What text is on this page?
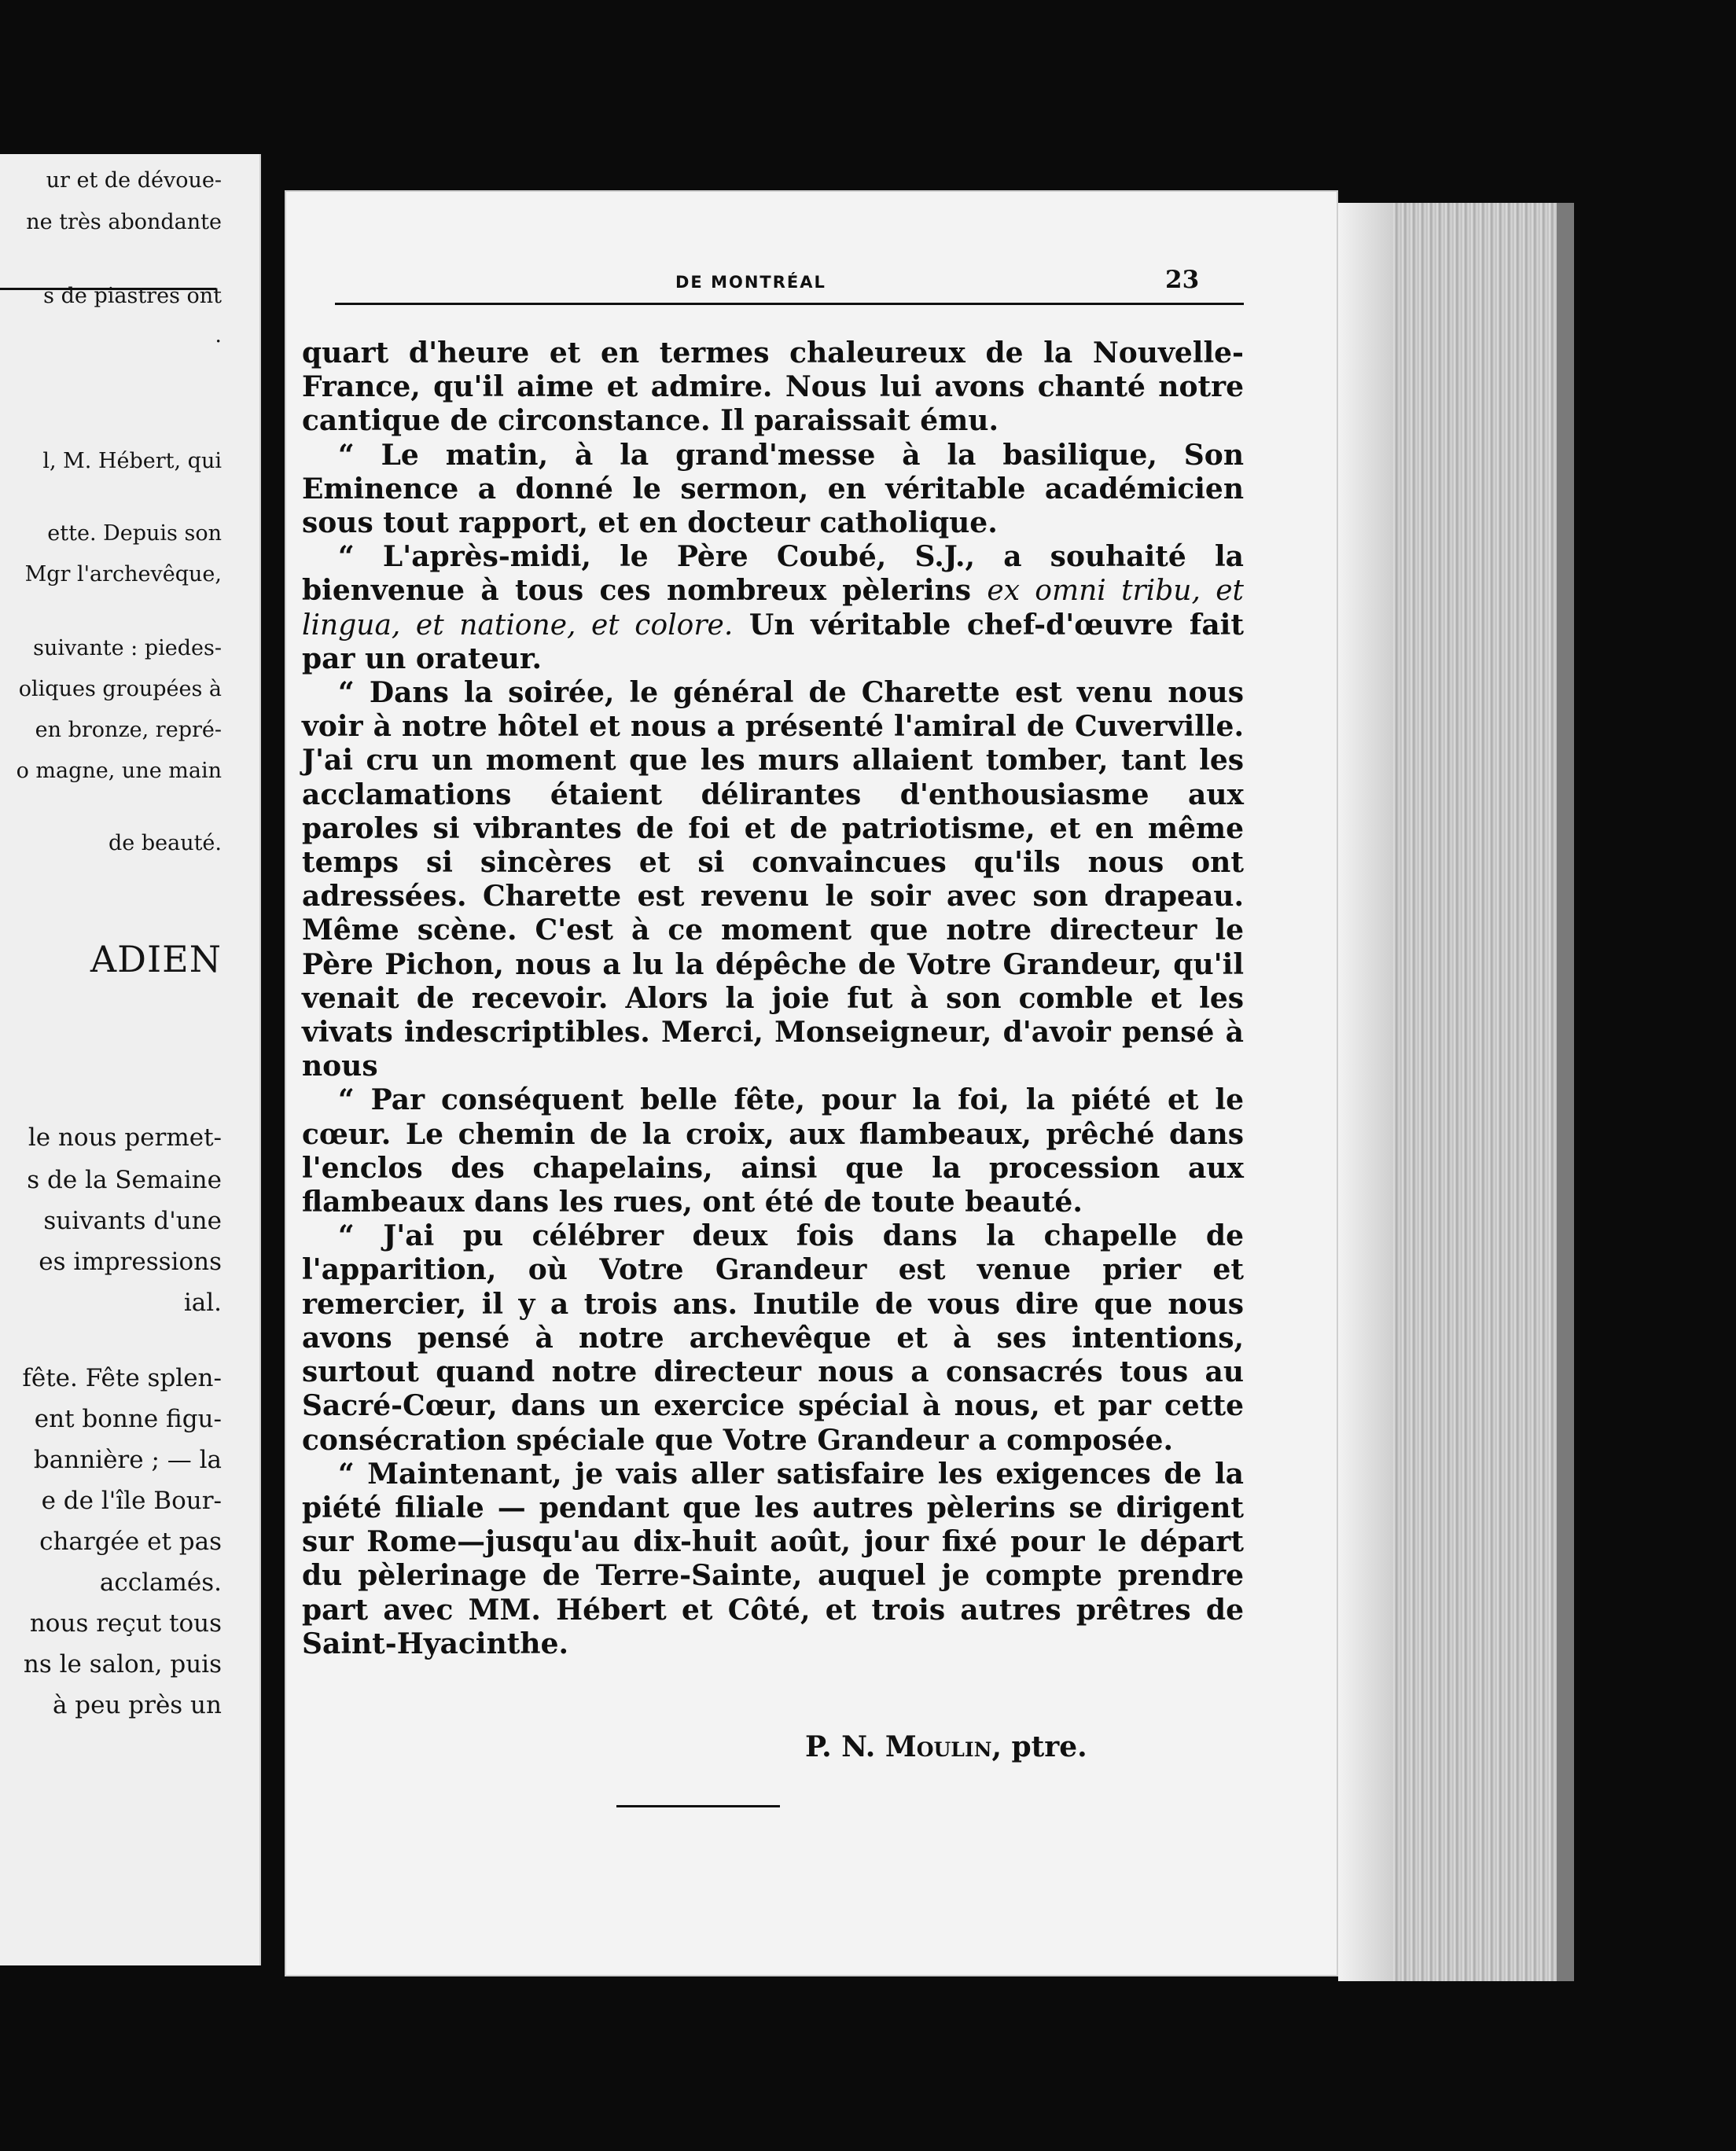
ur et de dévoue-
ne très abondante
s de piastres ont
.
l, M. Hébert, qui
ette. Depuis son
Mgr l'archevêque,
suivante : piedes-
oliques groupées à
en bronze, repré-
o magne, une main
de beauté.
ADIEN
le nous permet-
s de la Semaine
suivants d'une
es impressions
ial.
fête. Fête splen-
ent bonne figu-
bannière ; — la
e de l'île Bour-
chargée et pas
acclamés.
nous reçut tous
ns le salon, puis
à peu près un
DE MONTRÉAL	23

quart d'heure et en termes chaleureux de la Nouvelle-France, qu'il aime et admire. Nous lui avons chanté notre cantique de circonstance. Il paraissait ému.

“ Le matin, à la grand'messe à la basilique, Son Eminence a donné le sermon, en véritable académicien sous tout rapport, et en docteur catholique.

“ L'après-midi, le Père Coubé, S.J., a souhaité la bienvenue à tous ces nombreux pèlerins ex omni tribu, et lingua, et natione, et colore. Un véritable chef-d'œuvre fait par un orateur.

“ Dans la soirée, le général de Charette est venu nous voir à notre hôtel et nous a présenté l'amiral de Cuverville. J'ai cru un moment que les murs allaient tomber, tant les acclamations étaient délirantes d'enthousiasme aux paroles si vibrantes de foi et de patriotisme, et en même temps si sincères et si convaincues qu'ils nous ont adressées. Charette est revenu le soir avec son drapeau. Même scène. C'est à ce moment que notre directeur le Père Pichon, nous a lu la dépêche de Votre Grandeur, qu'il venait de recevoir. Alors la joie fut à son comble et les vivats indescriptibles. Merci, Monseigneur, d'avoir pensé à nous

“ Par conséquent belle fête, pour la foi, la piété et le cœur. Le chemin de la croix, aux flambeaux, prêché dans l'enclos des chapelains, ainsi que la procession aux flambeaux dans les rues, ont été de toute beauté.

“ J'ai pu célébrer deux fois dans la chapelle de l'apparition, où Votre Grandeur est venue prier et remercier, il y a trois ans. Inutile de vous dire que nous avons pensé à notre archevêque et à ses intentions, surtout quand notre directeur nous a consacrés tous au Sacré-Cœur, dans un exercice spécial à nous, et par cette consécration spéciale que Votre Grandeur a composée.

“ Maintenant, je vais aller satisfaire les exigences de la piété filiale — pendant que les autres pèlerins se dirigent sur Rome—jusqu'au dix-huit août, jour fixé pour le départ du pèlerinage de Terre-Sainte, auquel je compte prendre part avec MM. Hébert et Côté, et trois autres prêtres de Saint-Hyacinthe.

P. N. Moulin, ptre.
